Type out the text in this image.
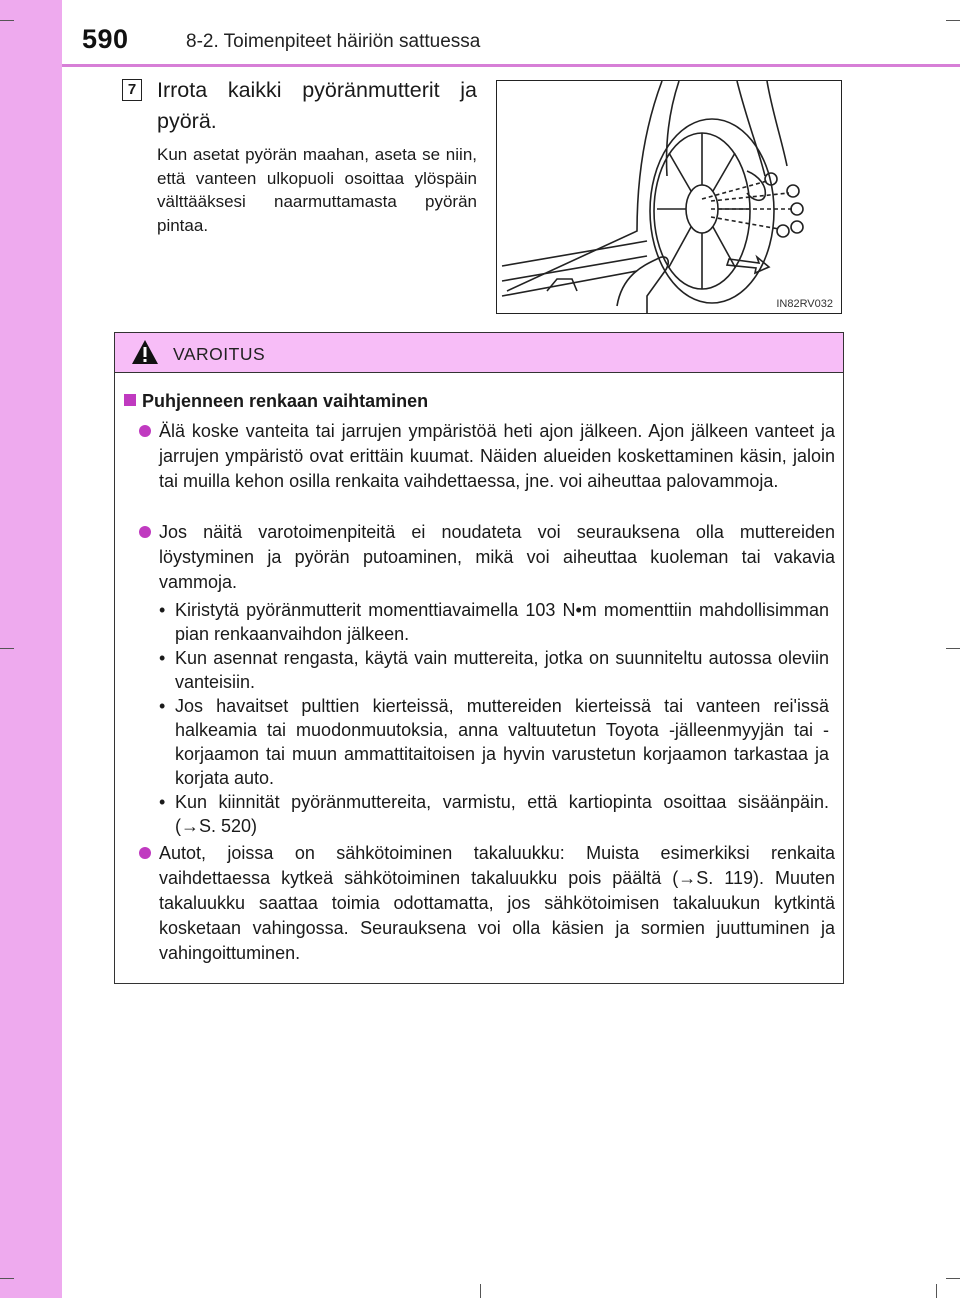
590	8-2. Toimenpiteet häiriön sattuessa
7 Irrota kaikki pyöränmutterit ja pyörä.
Kun asetat pyörän maahan, aseta se niin, että vanteen ulkopuoli osoittaa ylöspäin välttääksesi naarmuttamasta pyörän pintaa.
IN82RV032
VAROITUS
Puhjenneen renkaan vaihtaminen
Älä koske vanteita tai jarrujen ympäristöä heti ajon jälkeen. Ajon jälkeen vanteet ja jarrujen ympäristö ovat erittäin kuumat. Näiden alueiden koskettaminen käsin, jaloin tai muilla kehon osilla renkaita vaihdettaessa, jne. voi aiheuttaa palovammoja.
Jos näitä varotoimenpiteitä ei noudateta voi seurauksena olla muttereiden löystyminen ja pyörän putoaminen, mikä voi aiheuttaa kuoleman tai vakavia vammoja.
• Kiristytä pyöränmutterit momenttiavaimella 103 N•m momenttiin mahdollisimman pian renkaanvaihdon jälkeen.
• Kun asennat rengasta, käytä vain muttereita, jotka on suunniteltu autossa oleviin vanteisiin.
• Jos havaitset pulttien kierteissä, muttereiden kierteissä tai vanteen rei'issä halkeamia tai muodonmuutoksia, anna valtuutetun Toyota -jälleenmyyjän tai -korjaamon tai muun ammattitaitoisen ja hyvin varustetun korjaamon tarkastaa ja korjata auto.
• Kun kiinnität pyöränmuttereita, varmistu, että kartiopinta osoittaa sisäänpäin. (→S. 520)
Autot, joissa on sähkötoiminen takaluukku: Muista esimerkiksi renkaita vaihdettaessa kytkeä sähkötoiminen takaluukku pois päältä (→S. 119). Muuten takaluukku saattaa toimia odottamatta, jos sähkötoimisen takaluukun kytkintä kosketaan vahingossa. Seurauksena voi olla käsien ja sormien juuttuminen ja vahingoittuminen.
